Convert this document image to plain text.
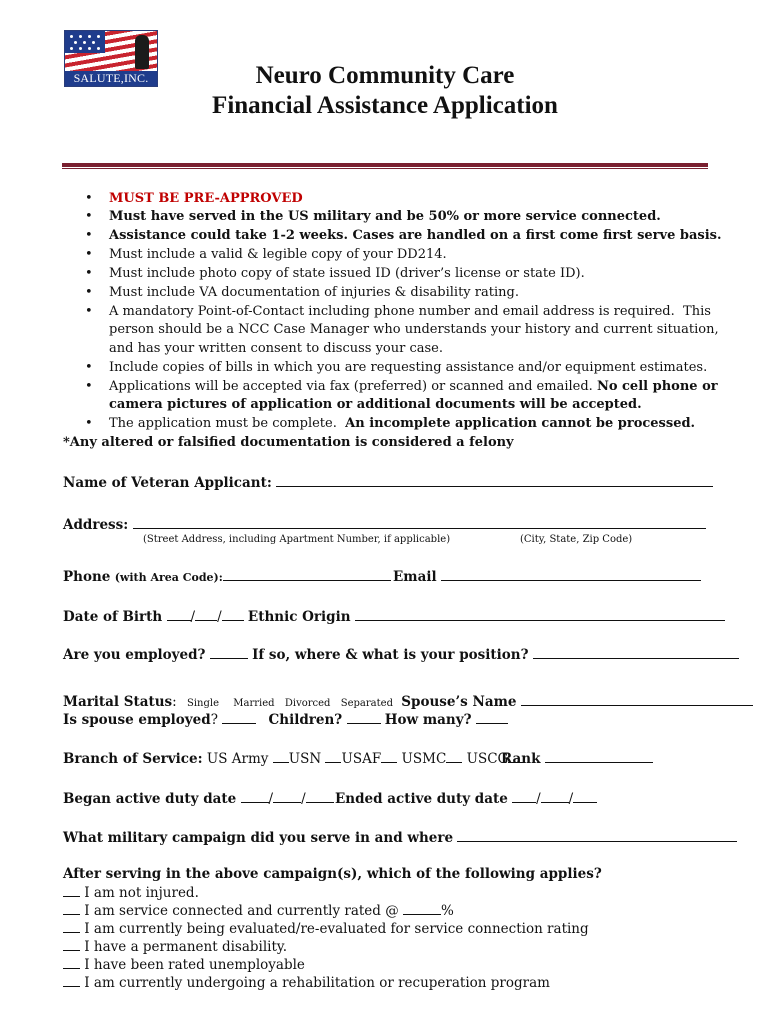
SALUTE,INC.	Neuro Community Care
Financial Assistance Application
• MUST BE PRE-APPROVED
• Must have served in the US military and be 50% or more service connected.
• Assistance could take 1-2 weeks. Cases are handled on a first come first serve basis.
• Must include a valid & legible copy of your DD214.
• Must include photo copy of state issued ID (driver’s license or state ID).
• Must include VA documentation of injuries & disability rating.
• A mandatory Point-of-Contact including phone number and email address is required. This
person should be a NCC Case Manager who understands your history and current situation,
and has your written consent to discuss your case.
• Include copies of bills in which you are requesting assistance and/or equipment estimates.
• Applications will be accepted via fax (preferred) or scanned and emailed. No cell phone or
camera pictures of application or additional documents will be accepted.
• The application must be complete. An incomplete application cannot be processed.
*Any altered or falsified documentation is considered a felony
Name of Veteran Applicant:
Address:
(Street Address, including Apartment Number, if applicable)	(City, State, Zip Code)
Phone (with Area Code):	Email
Date of Birth / / Ethnic Origin
Are you employed?	If so, where & what is your position?
Marital Status: Single Married Divorced Separated Spouse’s Name
Is spouse employed?	Children?	How many?
Branch of Service: US Army USN USAF USMC USCG
Rank
Began active duty date / /	Ended active duty date / /
What military campaign did you serve in and where
After serving in the above campaign(s), which of the following applies?
I am not injured.
I am service connected and currently rated @	%
I am currently being evaluated/re-evaluated for service connection rating
I have a permanent disability.
I have been rated unemployable
I am currently undergoing a rehabilitation or recuperation program
